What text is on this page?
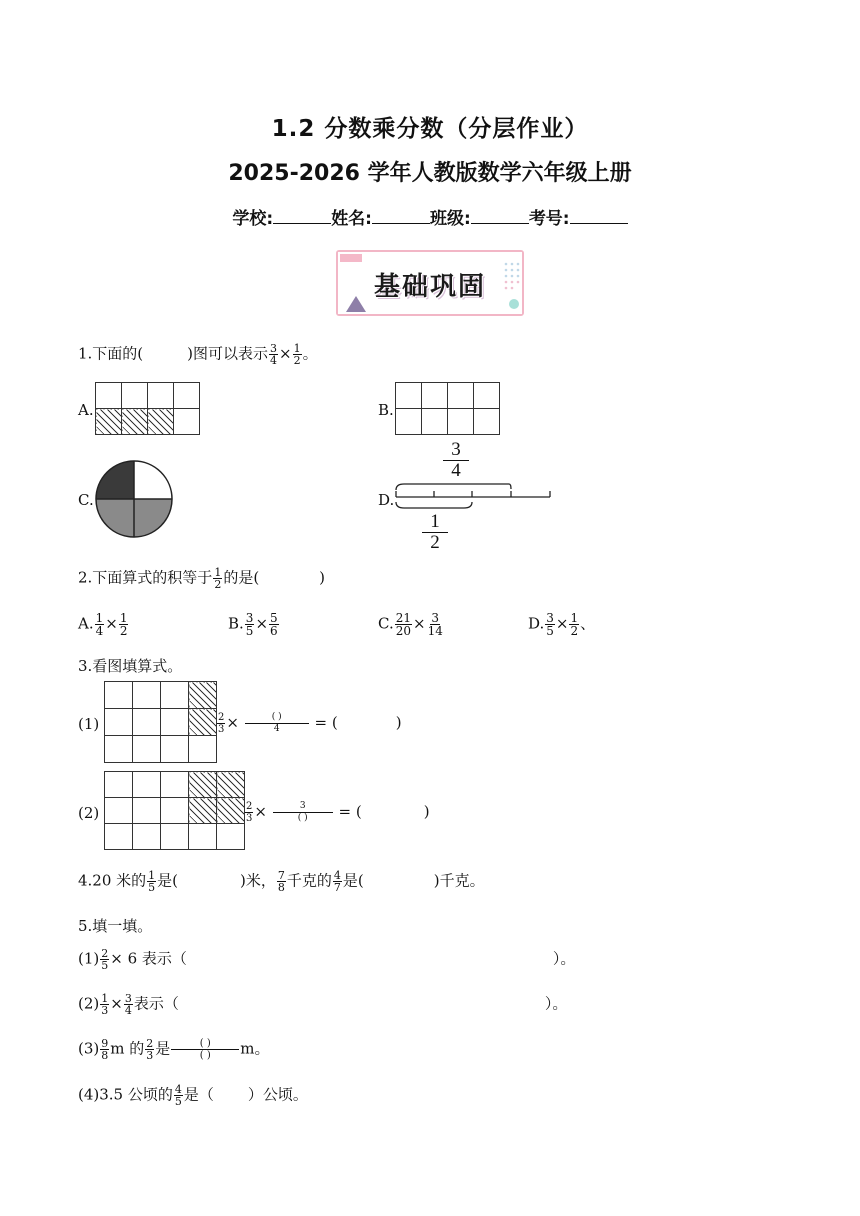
1.2 分数乘分数（分层作业）
2025-2026 学年人教版数学六年级上册
学校:	姓名:	班级:	考号:
基础巩固
1.下面的(	)图可以表示 $\frac{3}{4} \times \frac{1}{2}$ 。
A.

				B.

C.	D.
3
4
1
2
2.下面算式的积等于 $\frac{1}{2}$ 的是(	)
A. $\frac{1}{4} \times \frac{1}{2}$	B. $\frac{3}{5} \times \frac{5}{6}$	C. $\frac{21}{20} \times \frac{3}{14}$	D. $\frac{3}{5} \times \frac{1}{2}$ 、
3.看图填算式。
(1)

				$\frac{2}{3} \times \frac{( )}{4}$ = (	)
(2)

					$\frac{2}{3} \times \frac{3}{( )}$ = (	)
4.20 米的 $\frac{1}{5}$ 是(	)米， $\frac{7}{8}$ 千克的 $\frac{4}{7}$ 是(	)千克。
5.填一填。
$(1) \frac{2}{5} \times 6$ 表示（	）。
$(2) \frac{1}{3} \times \frac{3}{4}$ 表示（	）。
$(3) \frac{9}{8}$ m 的 $\frac{2}{3}$ 是 $\frac{( )}{( )}$ m。
(4)3.5 公顷的 $\frac{4}{5}$ 是（ ）公顷。
